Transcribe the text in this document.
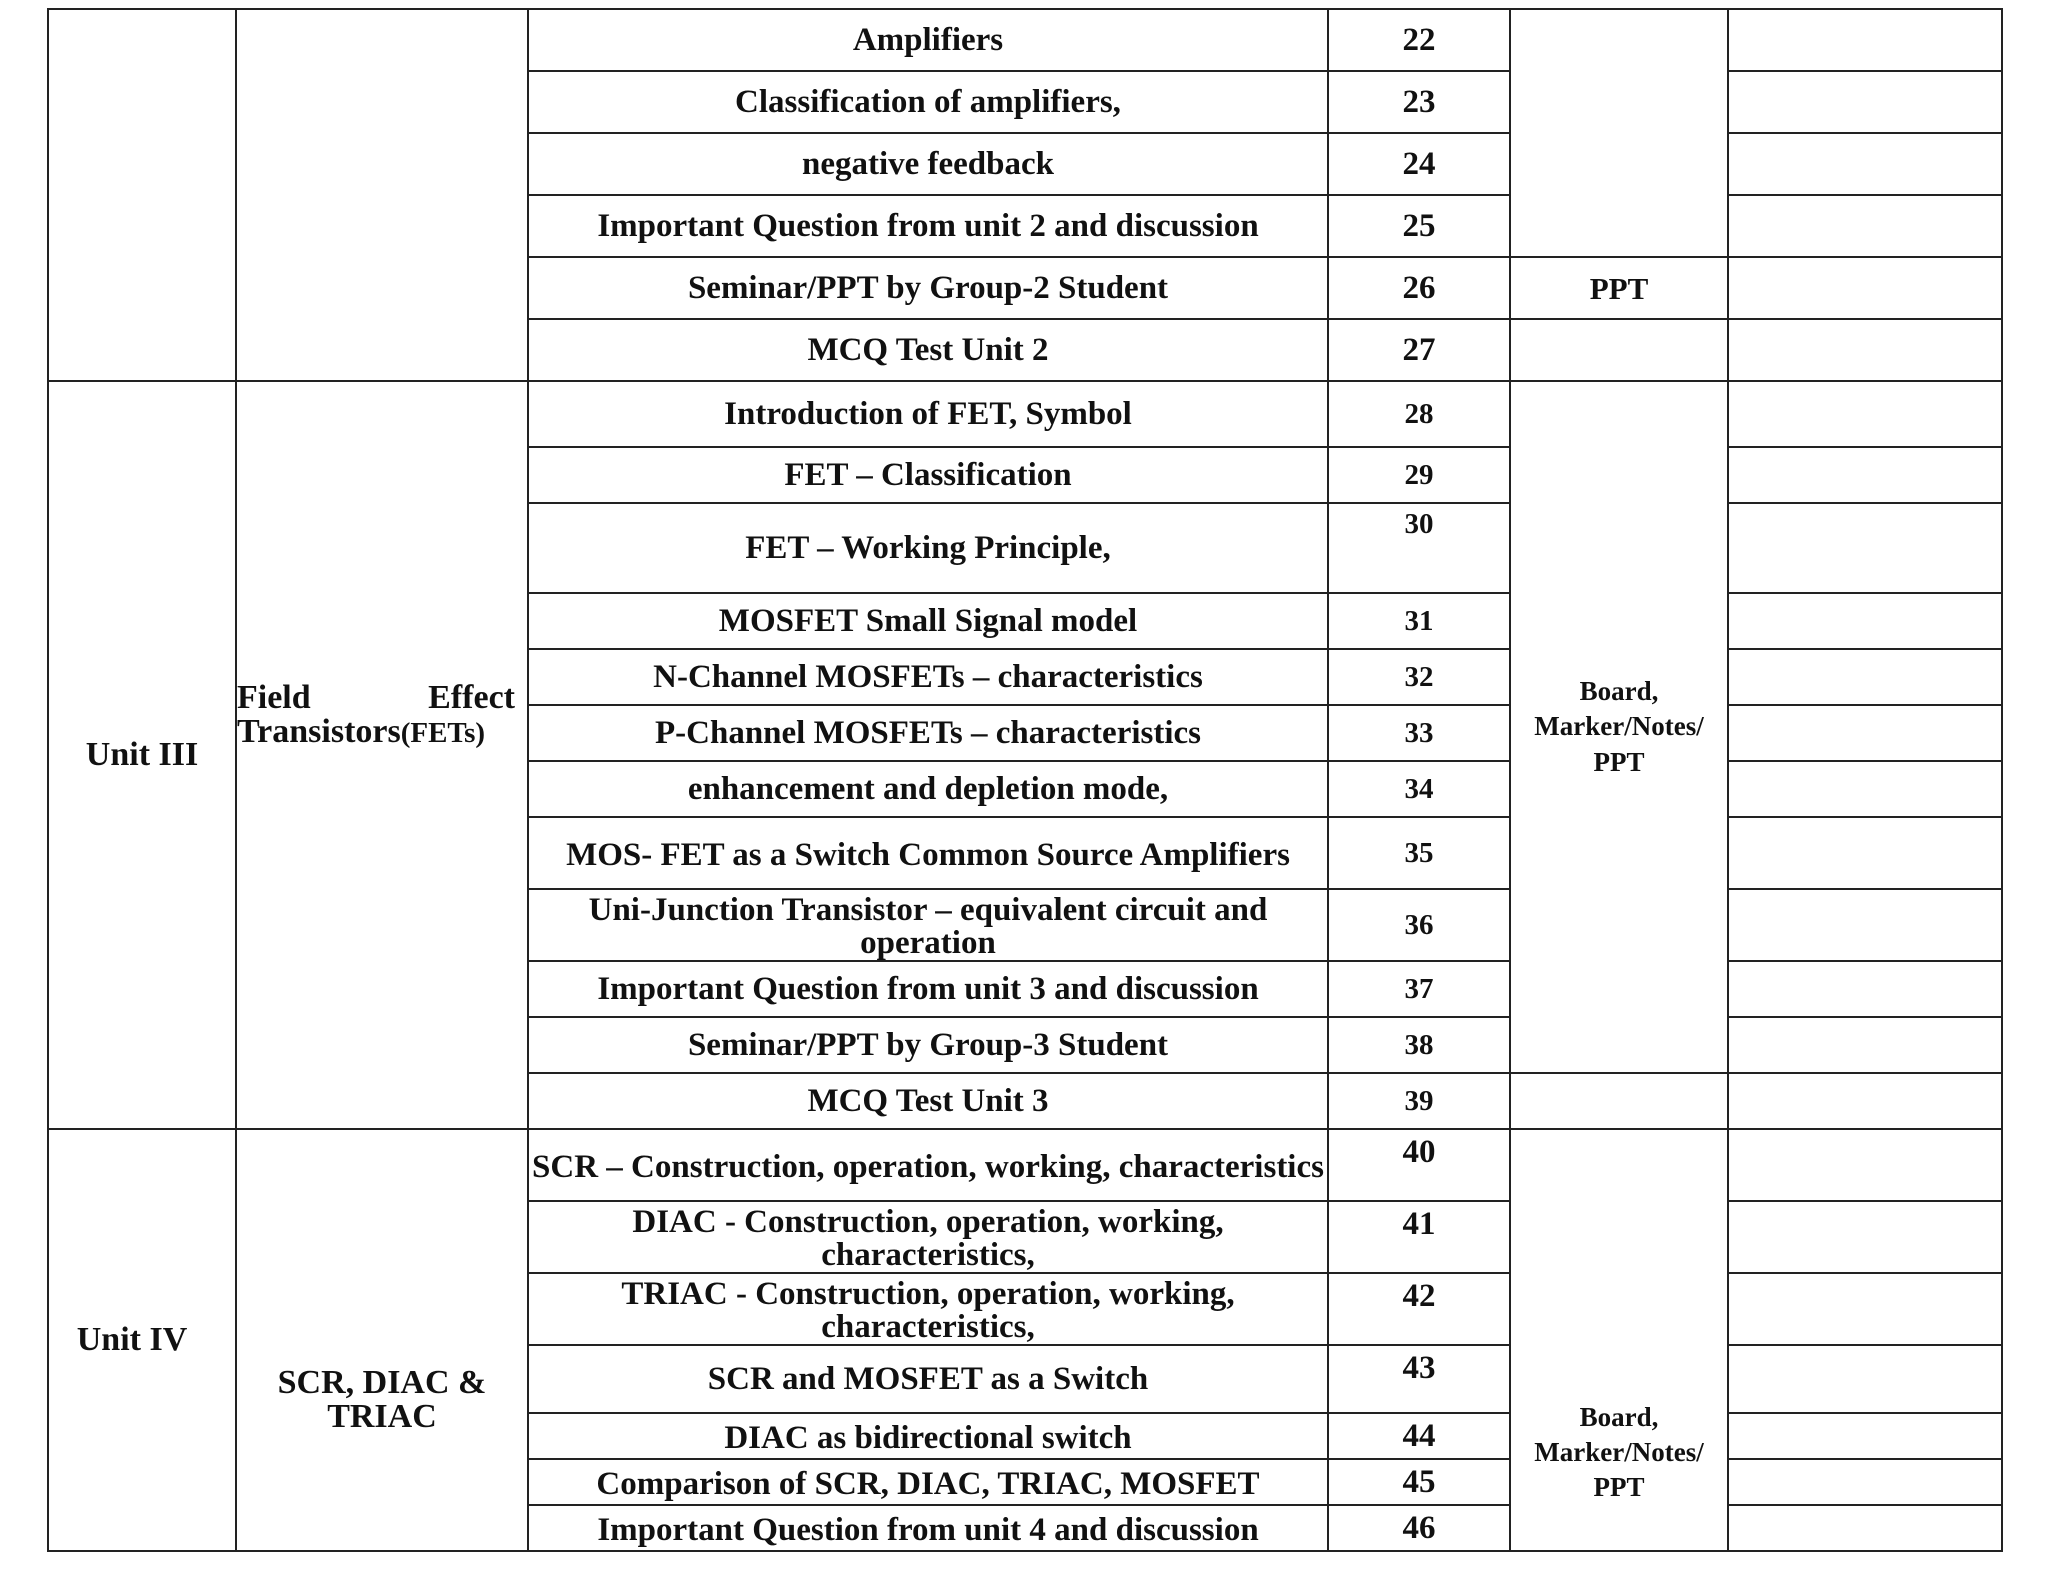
		Amplifiers	22		
		Classification of amplifiers,	23		
		negative feedback	24		
		Important Question from unit 2 and discussion	25		
		Seminar/PPT by Group-2 Student	26	PPT	
		MCQ Test Unit 2	27		
Unit III	Field Effect Transistors(FETs)	Introduction of FET, Symbol	28	Board, Marker/Notes/ PPT	
		FET – Classification	29		
		FET – Working Principle,	30		
		MOSFET Small Signal model	31		
		N-Channel MOSFETs – characteristics	32		
		P-Channel MOSFETs – characteristics	33		
		enhancement and depletion mode,	34		
		MOS- FET as a Switch Common Source Amplifiers	35		
		Uni-Junction Transistor – equivalent circuit and operation	36		
		Important Question from unit 3 and discussion	37		
		Seminar/PPT by Group-3 Student	38		
		MCQ Test Unit 3	39		
Unit IV	SCR, DIAC & TRIAC	SCR – Construction, operation, working, characteristics	40	Board, Marker/Notes/ PPT	
		DIAC - Construction, operation, working, characteristics,	41		
		TRIAC - Construction, operation, working, characteristics,	42		
		SCR and MOSFET as a Switch	43		
		DIAC as bidirectional switch	44		
		Comparison of SCR, DIAC, TRIAC, MOSFET	45		
		Important Question from unit 4 and discussion	46		
